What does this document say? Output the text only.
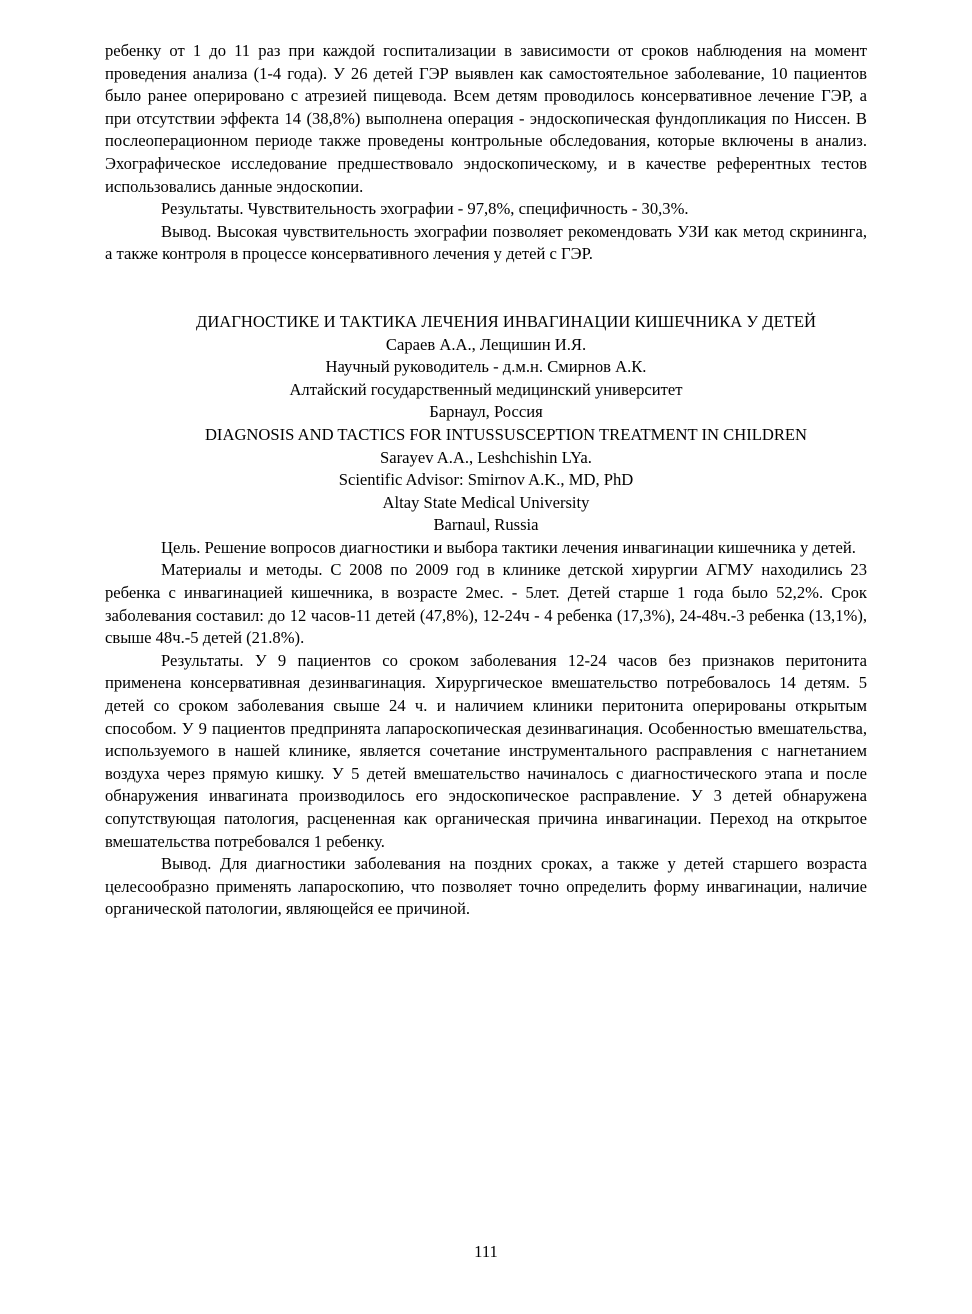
ребенку от 1 до 11 раз при каждой госпитализации в зависимости от сроков наблюдения на момент проведения анализа (1-4 года). У 26 детей ГЭР выявлен как самостоятельное заболевание, 10 пациентов было ранее оперировано с атрезией пищевода. Всем детям проводилось консервативное лечение ГЭР, а при отсутствии эффекта 14 (38,8%) выполнена операция - эндоскопическая фундопликация по Ниссен. В послеоперационном периоде также проведены контрольные обследования, которые включены в анализ. Эхографическое исследование предшествовало эндоскопическому, и в качестве референтных тестов использовались данные эндоскопии.

Результаты. Чувствительность эхографии - 97,8%, специфичность - 30,3%.

Вывод. Высокая чувствительность эхографии позволяет рекомендовать УЗИ как метод скрининга, а также контроля в процессе консервативного лечения у детей с ГЭР.

ДИАГНОСТИКЕ И ТАКТИКА ЛЕЧЕНИЯ ИНВАГИНАЦИИ КИШЕЧНИКА У ДЕТЕЙ

Сараев А.А., Лещишин И.Я.

Научный руководитель - д.м.н. Смирнов А.К.

Алтайский государственный медицинский университет

Барнаул, Россия

DIAGNOSIS AND TACTICS FOR INTUSSUSCEPTION TREATMENT IN CHILDREN

Sarayev A.A., Leshchishin LYa.

Scientific Advisor: Smirnov A.K., MD, PhD

Altay State Medical University

Barnaul, Russia

Цель. Решение вопросов диагностики и выбора тактики лечения инвагинации кишечника у детей.

Материалы и методы. С 2008 по 2009 год в клинике детской хирургии АГМУ находились 23 ребенка с инвагинацией кишечника, в возрасте 2мес. - 5лет. Детей старше 1 года было 52,2%. Срок заболевания составил: до 12 часов-11 детей (47,8%), 12-24ч - 4 ребенка (17,3%), 24-48ч.-3 ребенка (13,1%), свыше 48ч.-5 детей (21.8%).

Результаты. У 9 пациентов со сроком заболевания 12-24 часов без признаков перитонита применена консервативная дезинвагинация. Хирургическое вмешательство потребовалось 14 детям. 5 детей со сроком заболевания свыше 24 ч. и наличием клиники перитонита оперированы открытым способом. У 9 пациентов предпринята лапароскопическая дезинвагинация. Особенностью вмешательства, используемого в нашей клинике, является сочетание инструментального расправления с нагнетанием воздуха через прямую кишку. У 5 детей вмешательство начиналось с диагностического этапа и после обнаружения инвагината производилось его эндоскопическое расправление. У 3 детей обнаружена сопутствующая патология, расцененная как органическая причина инвагинации. Переход на открытое вмешательства потребовался 1 ребенку.

Вывод. Для диагностики заболевания на поздних сроках, а также у детей старшего возраста целесообразно применять лапароскопию, что позволяет точно определить форму инвагинации, наличие органической патологии, являющейся ее причиной.

111
